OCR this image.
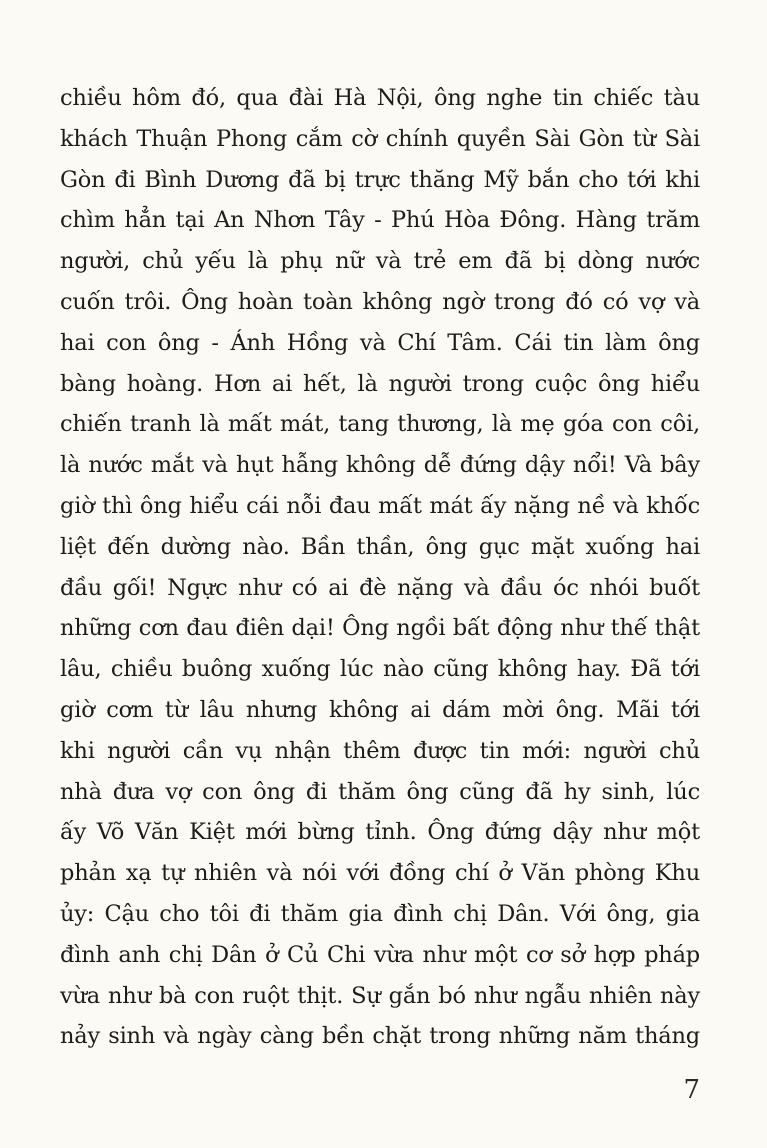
chiều hôm đó, qua đài Hà Nội, ông nghe tin chiếc tàu
khách Thuận Phong cắm cờ chính quyền Sài Gòn từ Sài
Gòn đi Bình Dương đã bị trực thăng Mỹ bắn cho tới khi
chìm hẳn tại An Nhơn Tây - Phú Hòa Đông. Hàng trăm
người, chủ yếu là phụ nữ và trẻ em đã bị dòng nước
cuốn trôi. Ông hoàn toàn không ngờ trong đó có vợ và
hai con ông - Ánh Hồng và Chí Tâm. Cái tin làm ông
bàng hoàng. Hơn ai hết, là người trong cuộc ông hiểu
chiến tranh là mất mát, tang thương, là mẹ góa con côi,
là nước mắt và hụt hẫng không dễ đứng dậy nổi! Và bây
giờ thì ông hiểu cái nỗi đau mất mát ấy nặng nề và khốc
liệt đến dường nào. Bần thần, ông gục mặt xuống hai
đầu gối! Ngực như có ai đè nặng và đầu óc nhói buốt
những cơn đau điên dại! Ông ngồi bất động như thế thật
lâu, chiều buông xuống lúc nào cũng không hay. Đã tới
giờ cơm từ lâu nhưng không ai dám mời ông. Mãi tới
khi người cần vụ nhận thêm được tin mới: người chủ
nhà đưa vợ con ông đi thăm ông cũng đã hy sinh, lúc
ấy Võ Văn Kiệt mới bừng tỉnh. Ông đứng dậy như một
phản xạ tự nhiên và nói với đồng chí ở Văn phòng Khu
ủy: Cậu cho tôi đi thăm gia đình chị Dân. Với ông, gia
đình anh chị Dân ở Củ Chi vừa như một cơ sở hợp pháp
vừa như bà con ruột thịt. Sự gắn bó như ngẫu nhiên này
nảy sinh và ngày càng bền chặt trong những năm tháng
7
